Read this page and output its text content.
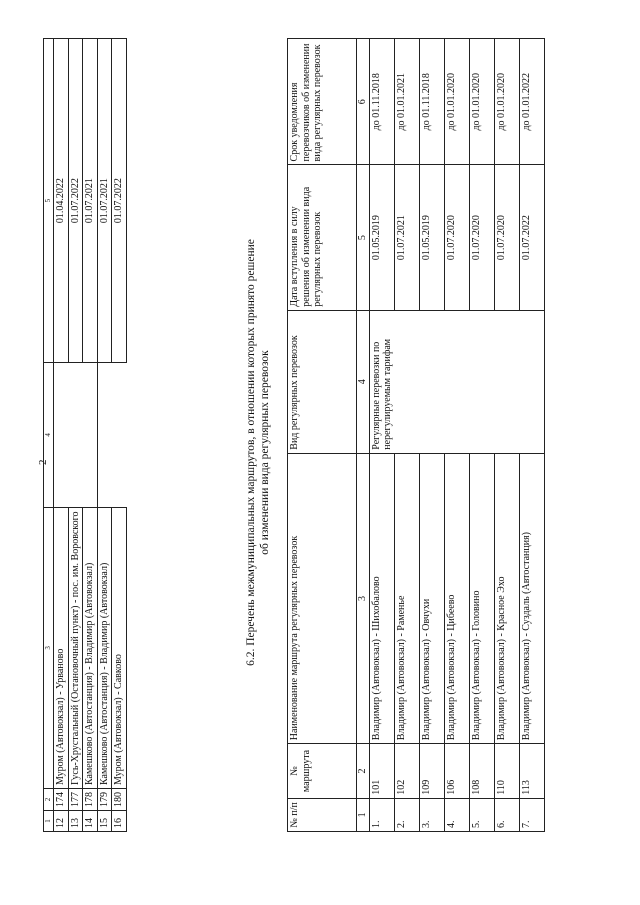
2
1	2	3	4	5
12	174	Муром (Автовокзал) - Урвановo		01.04.2022
13	177	Гусь-Хрустальный (Остановочный пункт) - пос. им. Воровского		01.07.2022
14	178	Камешково (Автостанция) - Владимир (Автовокзал)		01.07.2021
15	179	Камешково (Автостанция) - Владимир (Автовокзал)		01.07.2021
16	180	Муром (Автовокзал) - Савково		01.07.2022
6.2. Перечень межмуниципальных маршрутов, в отношении которых принято решение об изменении вида регулярных перевозок
№ п/п	№ маршрута	Наименование маршрута регулярных перевозок	Вид регулярных перевозок	Дата вступления в силу решения об изменении вида регулярных перевозок	Срок уведомления перевозчиков об изменении вида регулярных перевозок
1	2	3	4	5	6
1.	101	Владимир (Автовокзал) - Шихобалово	Регулярные перевозки по нерегулируемым тарифам	01.05.2019	до 01.11.2018
2.	102	Владимир (Автовокзал) - Раменье		01.07.2021	до 01.01.2021
3.	109	Владимир (Автовокзал) - Овчухи		01.05.2019	до 01.11.2018
4.	106	Владимир (Автовокзал) - Цибеево		01.07.2020	до 01.01.2020
5.	108	Владимир (Автовокзал) - Головино		01.07.2020	до 01.01.2020
6.	110	Владимир (Автовокзал) - Красное Эхо		01.07.2020	до 01.01.2020
7.	113	Владимир (Автовокзал) - Суздаль (Автостанция)		01.07.2022	до 01.01.2022
